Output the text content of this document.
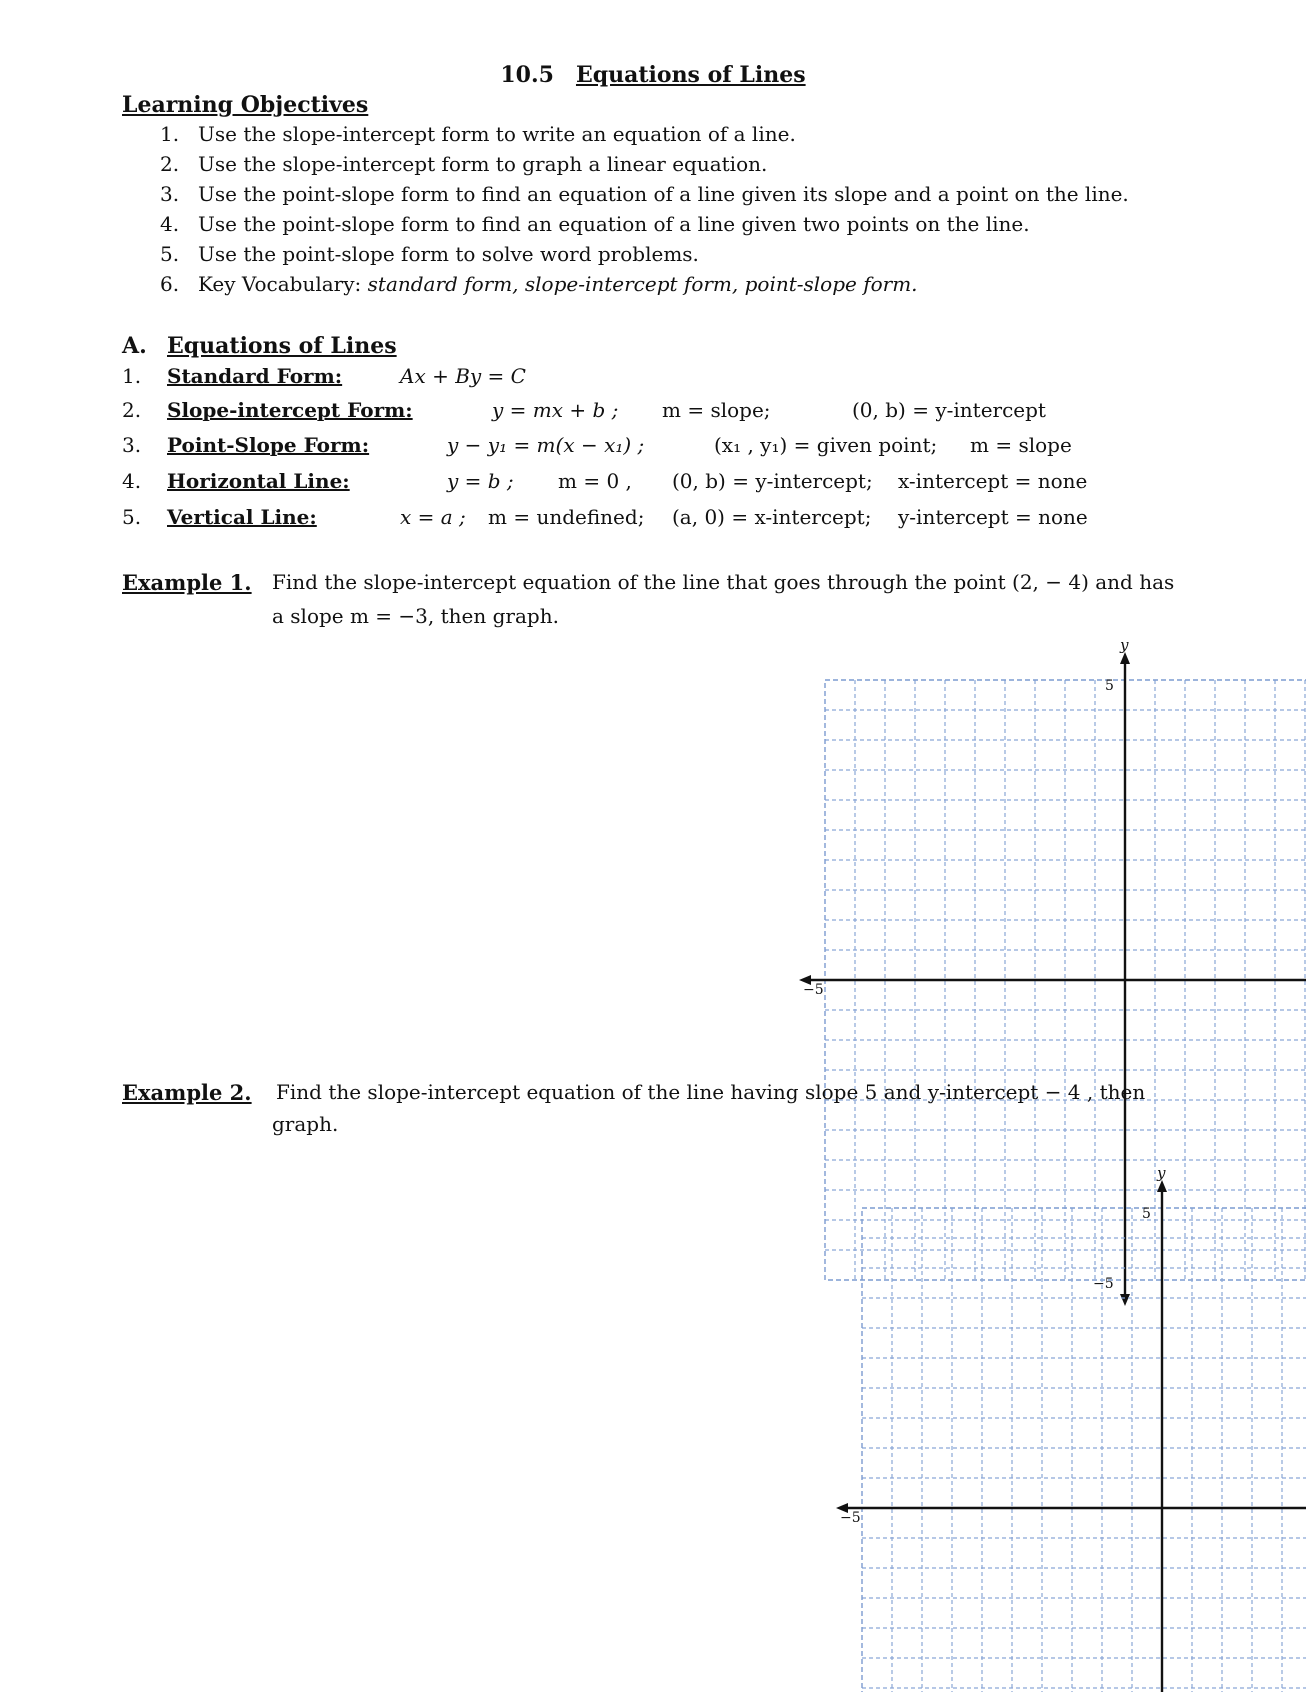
10.5 Equations of Lines
Learning Objectives
1. Use the slope-intercept form to write an equation of a line.
2. Use the slope-intercept form to graph a linear equation.
3. Use the point-slope form to find an equation of a line given its slope and a point on the line.
4. Use the point-slope form to find an equation of a line given two points on the line.
5. Use the point-slope form to solve word problems.
6. Key Vocabulary: standard form, slope-intercept form, point-slope form.
A. Equations of Lines
1. Standard Form:	Ax + By = C
2. Slope-intercept Form:	y = mx + b ; m = slope;	(0, b) = y-intercept
3. Point-Slope Form:	y − y₁ = m(x − x₁) ;	(x₁ , y₁) = given point; m = slope
4. Horizontal Line:	y = b ; m = 0 , (0, b) = y-intercept; x-intercept = none
5. Vertical Line:	x = a ; m = undefined; (a, 0) = x-intercept; y-intercept = none
Example 1. Find the slope-intercept equation of the line that goes through the point (2, − 4) and has
a slope m = −3, then graph.
y
−5
5
−5
Example 2. Find the slope-intercept equation of the line having slope 5 and y-intercept − 4 , then
graph.
y
−5
5
